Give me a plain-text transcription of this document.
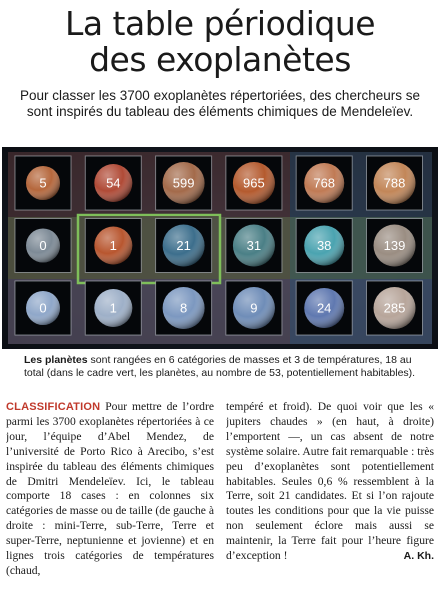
La table périodique
des exoplanètes
Pour classer les 3700 exoplanètes répertoriées, des chercheurs se sont inspirés du tableau des éléments chimiques de Mendeleïev.
5	54	599	965	768	788
0	1	21	31	38	139
0	1	8	9	24	285
Les planètes sont rangées en 6 catégories de masses et 3 de températures, 18 au total (dans le cadre vert, les planètes, au nombre de 53, potentiellement habitables).
CLASSIFICATION Pour mettre de l’ordre parmi les 3700 exoplanètes répertoriées à ce jour, l’équipe d’Abel Mendez, de l’université de Porto Rico à Arecibo, s’est inspirée du tableau des éléments chimiques de Dmitri Mendeleïev. Ici, le tableau comporte 18 cases : en colonnes six catégories de masse ou de taille (de gauche à droite : mini-Terre, sub-Terre, Terre et super-Terre, neptunienne et jovienne) et en lignes trois catégories de températures (chaud,
tempéré et froid). De quoi voir que les « jupiters chaudes » (en haut, à droite) l’emportent —, un cas absent de notre système solaire. Autre fait remarquable : très peu d’exoplanètes sont potentiellement habitables. Seules 0,6 % ressemblent à la Terre, soit 21 candidates. Et si l’on rajoute toutes les conditions pour que la vie puisse non seulement éclore mais aussi se maintenir, la Terre fait pour l’heure figure d’exception !	A. Kh.
